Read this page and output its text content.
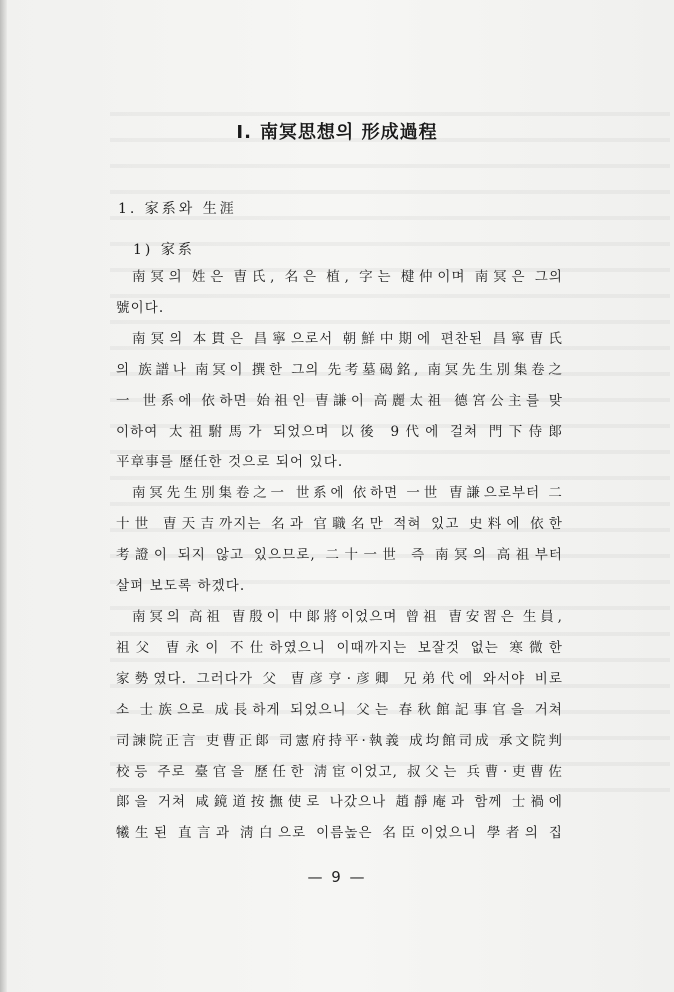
Ⅰ. 南冥思想의 形成過程
1. 家系와 生涯
1) 家系

南冥의 姓은 曺氏, 名은 植, 字는 楗仲이며 南冥은 그의
號이다.

南冥의 本貫은 昌寧으로서 朝鮮中期에 편찬된 昌寧曺氏
의 族譜나 南冥이 撰한 그의 先考墓碣銘, 南冥先生別集卷之
一 世系에 依하면 始祖인 曺謙이 高麗太祖 德宮公主를 맞
이하여 太祖駙馬가 되었으며 以後 9代에 걸쳐 門下侍郞
平章事를 歷任한 것으로 되어 있다.

南冥先生別集卷之一 世系에 依하면 一世 曺謙으로부터 二
十世 曺天吉까지는 名과 官職名만 적혀 있고 史料에 依한
考證이 되지 않고 있으므로, 二十一世 즉 南冥의 高祖부터
살펴 보도록 하겠다.

南冥의 高祖 曺殷이 中郞將이었으며 曾祖 曺安習은 生員,
祖父 曺永이 不仕하였으니 이때까지는 보잘것 없는 寒微한
家勢였다. 그러다가 父 曺彦亨·彦卿 兄弟代에 와서야 비로
소 士族으로 成長하게 되었으니 父는 春秋館記事官을 거쳐
司諫院正言 吏曹正郞 司憲府持平·執義 成均館司成 承文院判
校등 주로 臺官을 歷任한 淸宦이었고, 叔父는 兵曹·吏曹佐
郞을 거쳐 咸鏡道按撫使로 나갔으나 趙靜庵과 함께 士禍에
犧生된 直言과 淸白으로 이름높은 名臣이었으니 學者의 집

— 9 —
